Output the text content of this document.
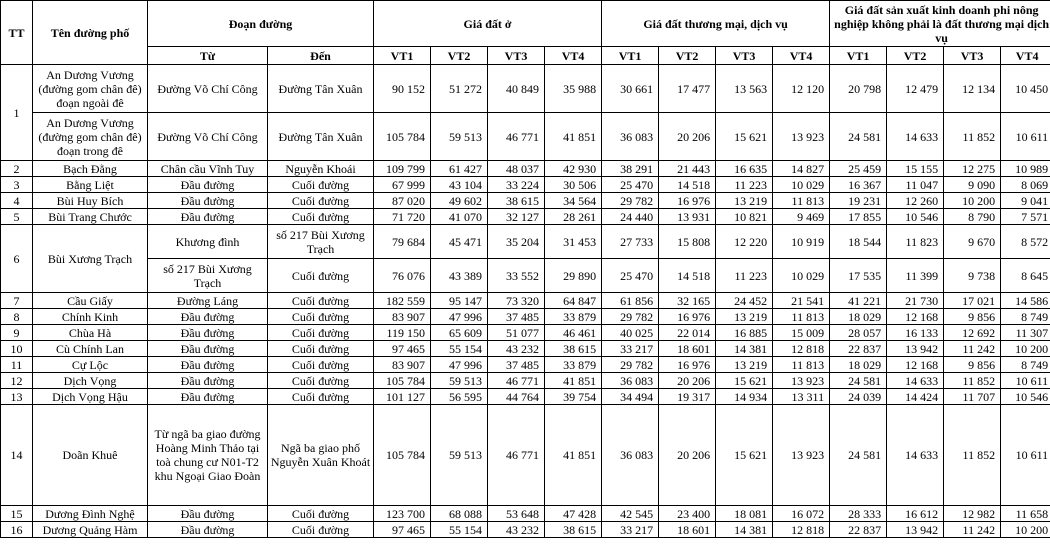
TT	Tên đường phố	Đoạn đường		Giá đất ở				Giá đất thương mại, dịch vụ				Giá đất sản xuất kinh doanh phi nông nghiệp không phải là đất thương mại dịch vụ			
		Từ	Đến	VT1	VT2	VT3	VT4	VT1	VT2	VT3	VT4	VT1	VT2	VT3	VT4
1	An Dương Vương (đường gom chân đê) đoạn ngoài đê	Đường Võ Chí Công	Đường Tân Xuân	90 152	51 272	40 849	35 988	30 661	17 477	13 563	12 120	20 798	12 479	12 134	10 450
	An Dương Vương (đường gom chân đê) đoạn trong đê	Đường Võ Chí Công	Đường Tân Xuân	105 784	59 513	46 771	41 851	36 083	20 206	15 621	13 923	24 581	14 633	11 852	10 611
2	Bạch Đằng	Chân cầu Vĩnh Tuy	Nguyễn Khoái	109 799	61 427	48 037	42 930	38 291	21 443	16 635	14 827	25 459	15 155	12 275	10 989
3	Bằng Liệt	Đầu đường	Cuối đường	67 999	43 104	33 224	30 506	25 470	14 518	11 223	10 029	16 367	11 047	9 090	8 069
4	Bùi Huy Bích	Đầu đường	Cuối đường	87 020	49 602	38 615	34 564	29 782	16 976	13 219	11 813	19 231	12 260	10 200	9 041
5	Bùi Trang Chước	Đầu đường	Cuối đường	71 720	41 070	32 127	28 261	24 440	13 931	10 821	9 469	17 855	10 546	8 790	7 571
6	Bùi Xương Trạch	Khương đình	số 217 Bùi Xương Trạch	79 684	45 471	35 204	31 453	27 733	15 808	12 220	10 919	18 544	11 823	9 670	8 572
		số 217 Bùi Xương Trạch	Cuối đường	76 076	43 389	33 552	29 890	25 470	14 518	11 223	10 029	17 535	11 399	9 738	8 645
7	Cầu Giấy	Đường Láng	Cuối đường	182 559	95 147	73 320	64 847	61 856	32 165	24 452	21 541	41 221	21 730	17 021	14 586
8	Chính Kinh	Đầu đường	Cuối đường	83 907	47 996	37 485	33 879	29 782	16 976	13 219	11 813	18 029	12 168	9 856	8 749
9	Chùa Hà	Đầu đường	Cuối đường	119 150	65 609	51 077	46 461	40 025	22 014	16 885	15 009	28 057	16 133	12 692	11 307
10	Cù Chính Lan	Đầu đường	Cuối đường	97 465	55 154	43 232	38 615	33 217	18 601	14 381	12 818	22 837	13 942	11 242	10 200
11	Cự Lộc	Đầu đường	Cuối đường	83 907	47 996	37 485	33 879	29 782	16 976	13 219	11 813	18 029	12 168	9 856	8 749
12	Dịch Vọng	Đầu đường	Cuối đường	105 784	59 513	46 771	41 851	36 083	20 206	15 621	13 923	24 581	14 633	11 852	10 611
13	Dịch Vọng Hậu	Đầu đường	Cuối đường	101 127	56 595	44 764	39 754	34 494	19 317	14 934	13 311	24 039	14 424	11 707	10 546
14	Doãn Khuê	Từ ngã ba giao đường Hoàng Minh Thảo tại toà chung cư N01-T2 khu Ngoại Giao Đoàn	Ngã ba giao phố Nguyễn Xuân Khoát	105 784	59 513	46 771	41 851	36 083	20 206	15 621	13 923	24 581	14 633	11 852	10 611
15	Dương Đình Nghệ	Đầu đường	Cuối đường	123 700	68 088	53 648	47 428	42 545	23 400	18 081	16 072	28 333	16 612	12 982	11 658
16	Dương Quảng Hàm	Đầu đường	Cuối đường	97 465	55 154	43 232	38 615	33 217	18 601	14 381	12 818	22 837	13 942	11 242	10 200
